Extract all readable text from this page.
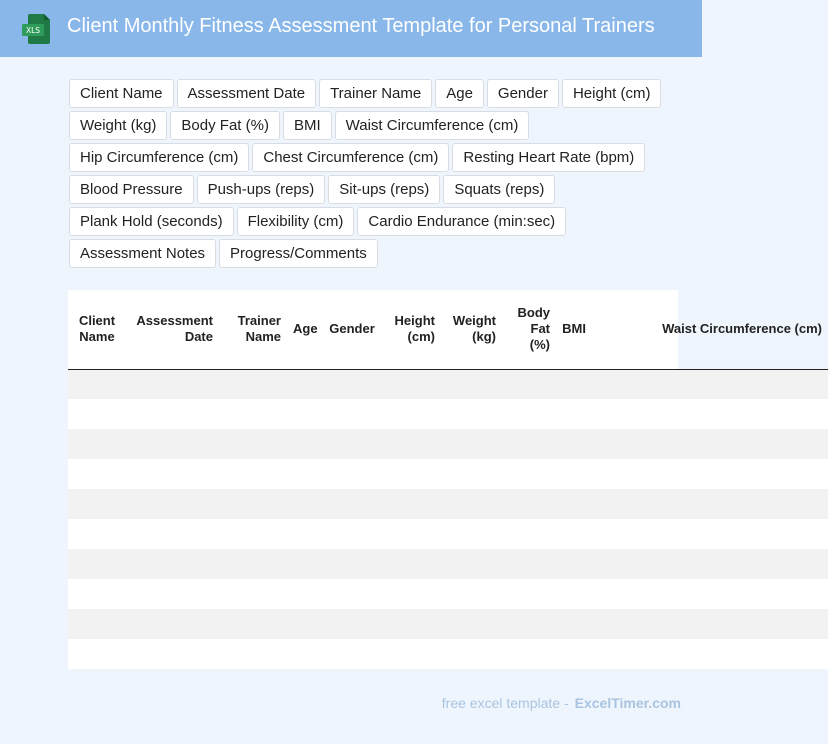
XLS Client Monthly Fitness Assessment Template for Personal Trainers
Client Name	Assessment Date	Trainer Name	Age	Gender	Height (cm)
Weight (kg)	Body Fat (%)	BMI	Waist Circumference (cm)
Hip Circumference (cm)	Chest Circumference (cm)	Resting Heart Rate (bpm)
Blood Pressure	Push-ups (reps)	Sit-ups (reps)	Squats (reps)
Plank Hold (seconds)	Flexibility (cm)	Cardio Endurance (min:sec)
Assessment Notes	Progress/Comments
Client Name	Assessment Date	Trainer Name	Age	Gender	Height (cm)	Weight (kg)	Body Fat (%)	BMI	Waist Circumference (cm)

free excel template - ExcelTimer.com
